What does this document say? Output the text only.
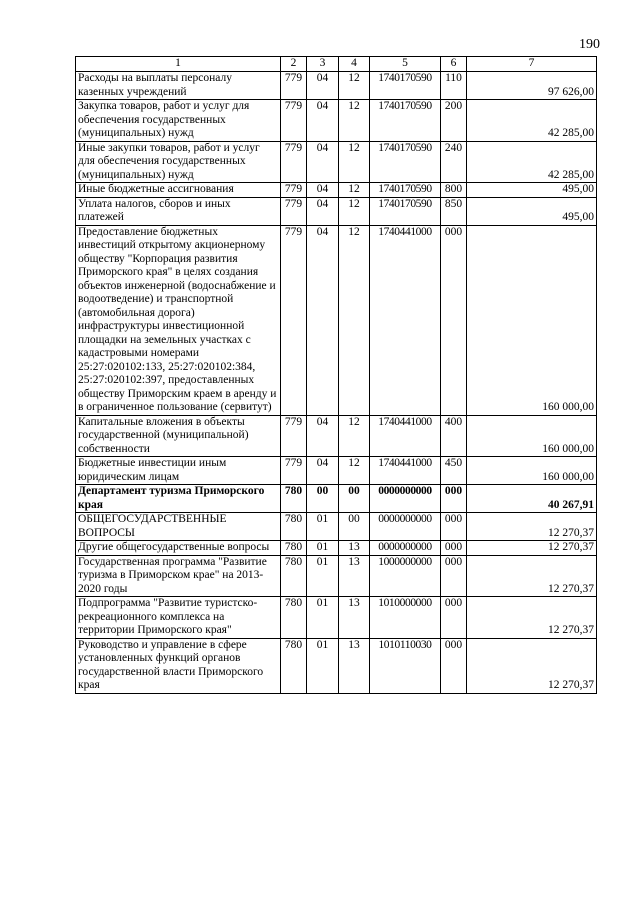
190
1	2	3	4	5	6	7
Расходы на выплаты персоналу казенных учреждений	779	04	12	1740170590	110	97 626,00
Закупка товаров, работ и услуг для обеспечения государственных (муниципальных) нужд	779	04	12	1740170590	200	42 285,00
Иные закупки товаров, работ и услуг для обеспечения государственных (муниципальных) нужд	779	04	12	1740170590	240	42 285,00
Иные бюджетные ассигнования	779	04	12	1740170590	800	495,00
Уплата налогов, сборов и иных платежей	779	04	12	1740170590	850	495,00
Предоставление бюджетных инвестиций открытому акционерному обществу "Корпорация развития Приморского края" в целях создания объектов инженерной (водоснабжение и водоотведение) и транспортной (автомобильная дорога) инфраструктуры инвестиционной площадки на земельных участках с кадастровыми номерами 25:27:020102:133, 25:27:020102:384, 25:27:020102:397, предоставленных обществу Приморским краем в аренду и в ограниченное пользование (сервитут)	779	04	12	1740441000	000	160 000,00
Капитальные вложения в объекты государственной (муниципальной) собственности	779	04	12	1740441000	400	160 000,00
Бюджетные инвестиции иным юридическим лицам	779	04	12	1740441000	450	160 000,00
Департамент туризма Приморского края	780	00	00	0000000000	000	40 267,91
ОБЩЕГОСУДАРСТВЕННЫЕ ВОПРОСЫ	780	01	00	0000000000	000	12 270,37
Другие общегосударственные вопросы	780	01	13	0000000000	000	12 270,37
Государственная программа "Развитие туризма в Приморском крае" на 2013-2020 годы	780	01	13	1000000000	000	12 270,37
Подпрограмма "Развитие туристско-рекреационного комплекса на территории Приморского края"	780	01	13	1010000000	000	12 270,37
Руководство и управление в сфере установленных функций органов государственной власти Приморского края	780	01	13	1010110030	000	12 270,37
